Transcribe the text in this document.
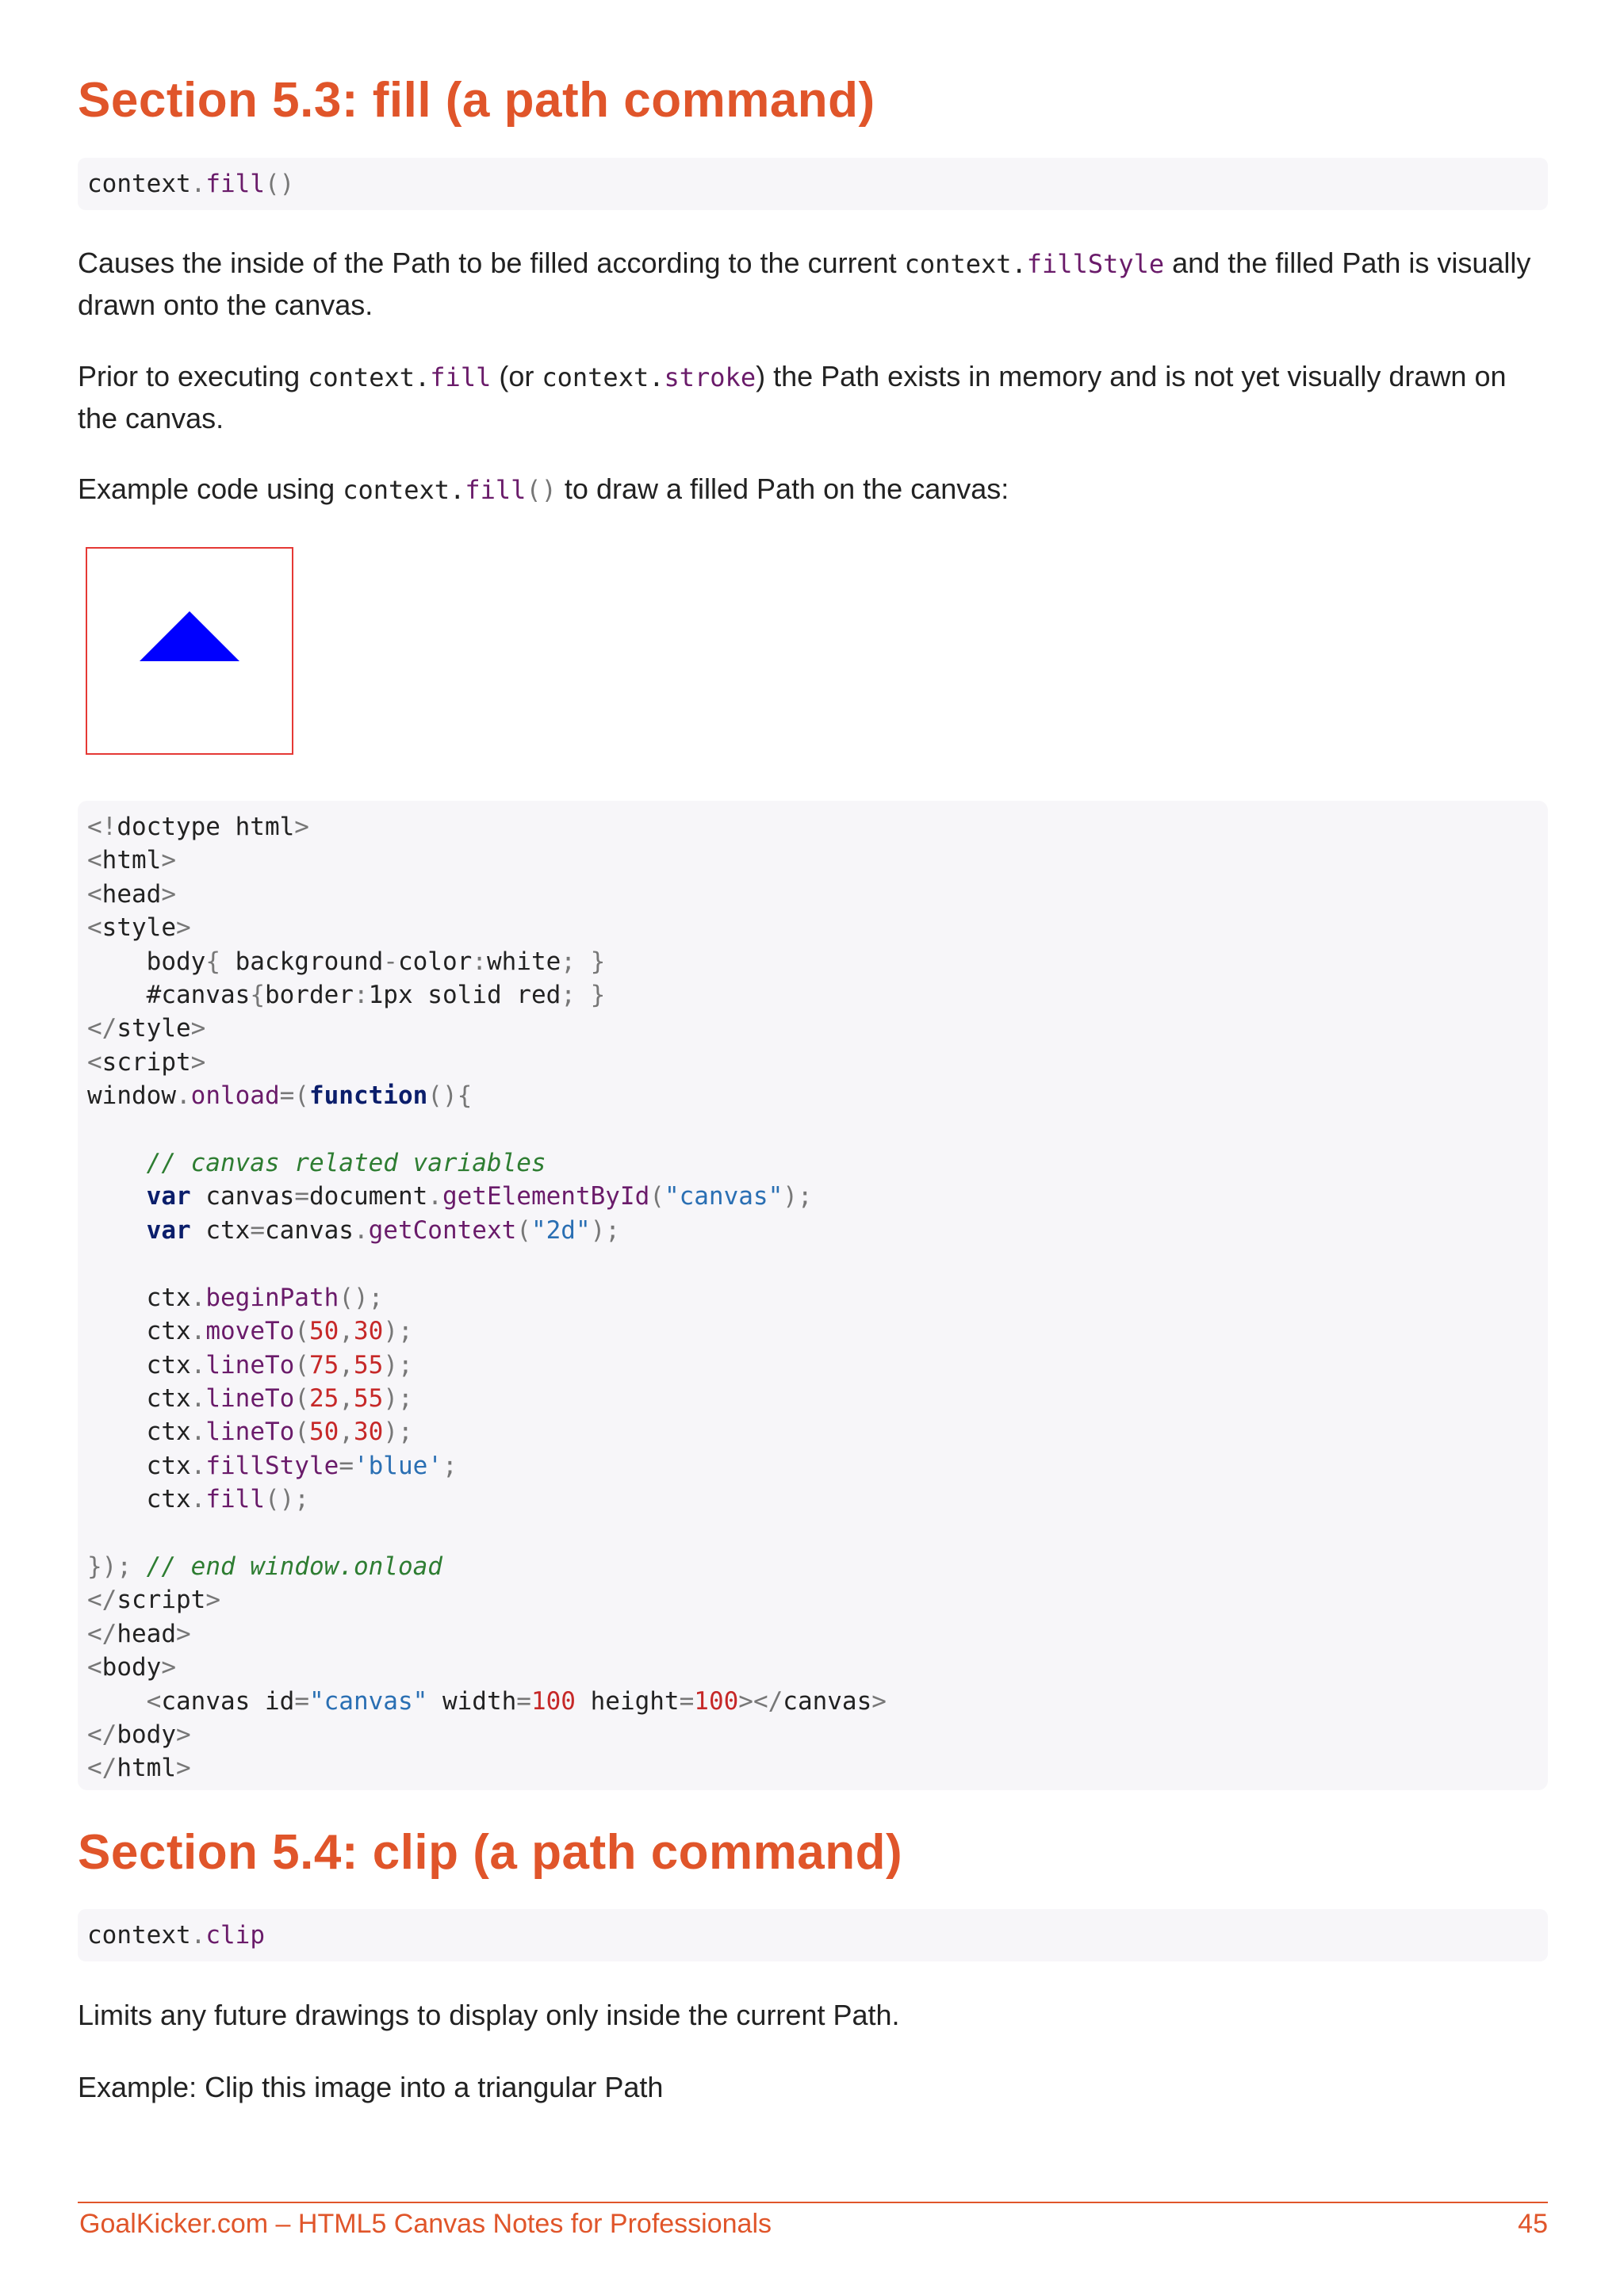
Section 5.3: fill (a path command)
context.fill()

Causes the inside of the Path to be filled according to the current context.fillStyle and the filled Path is visually drawn onto the canvas.

Prior to executing context.fill (or context.stroke) the Path exists in memory and is not yet visually drawn on the canvas.

Example code using context.fill() to draw a filled Path on the canvas:

<!doctype html>
<html>
<head>
<style>
body{ background-color:white; }
#canvas{border:1px solid red; }
</style>
<script>
window.onload=(function(){

// canvas related variables
var canvas=document.getElementById("canvas");
var ctx=canvas.getContext("2d");

ctx.beginPath();
ctx.moveTo(50,30);
ctx.lineTo(75,55);
ctx.lineTo(25,55);
ctx.lineTo(50,30);
ctx.fillStyle='blue';
ctx.fill();

}); // end window.onload
</script>
</head>
<body>
<canvas id="canvas" width=100 height=100></canvas>
</body>
</html>
Section 5.4: clip (a path command)
context.clip

Limits any future drawings to display only inside the current Path.

Example: Clip this image into a triangular Path

GoalKicker.com – HTML5 Canvas Notes for Professionals	45
